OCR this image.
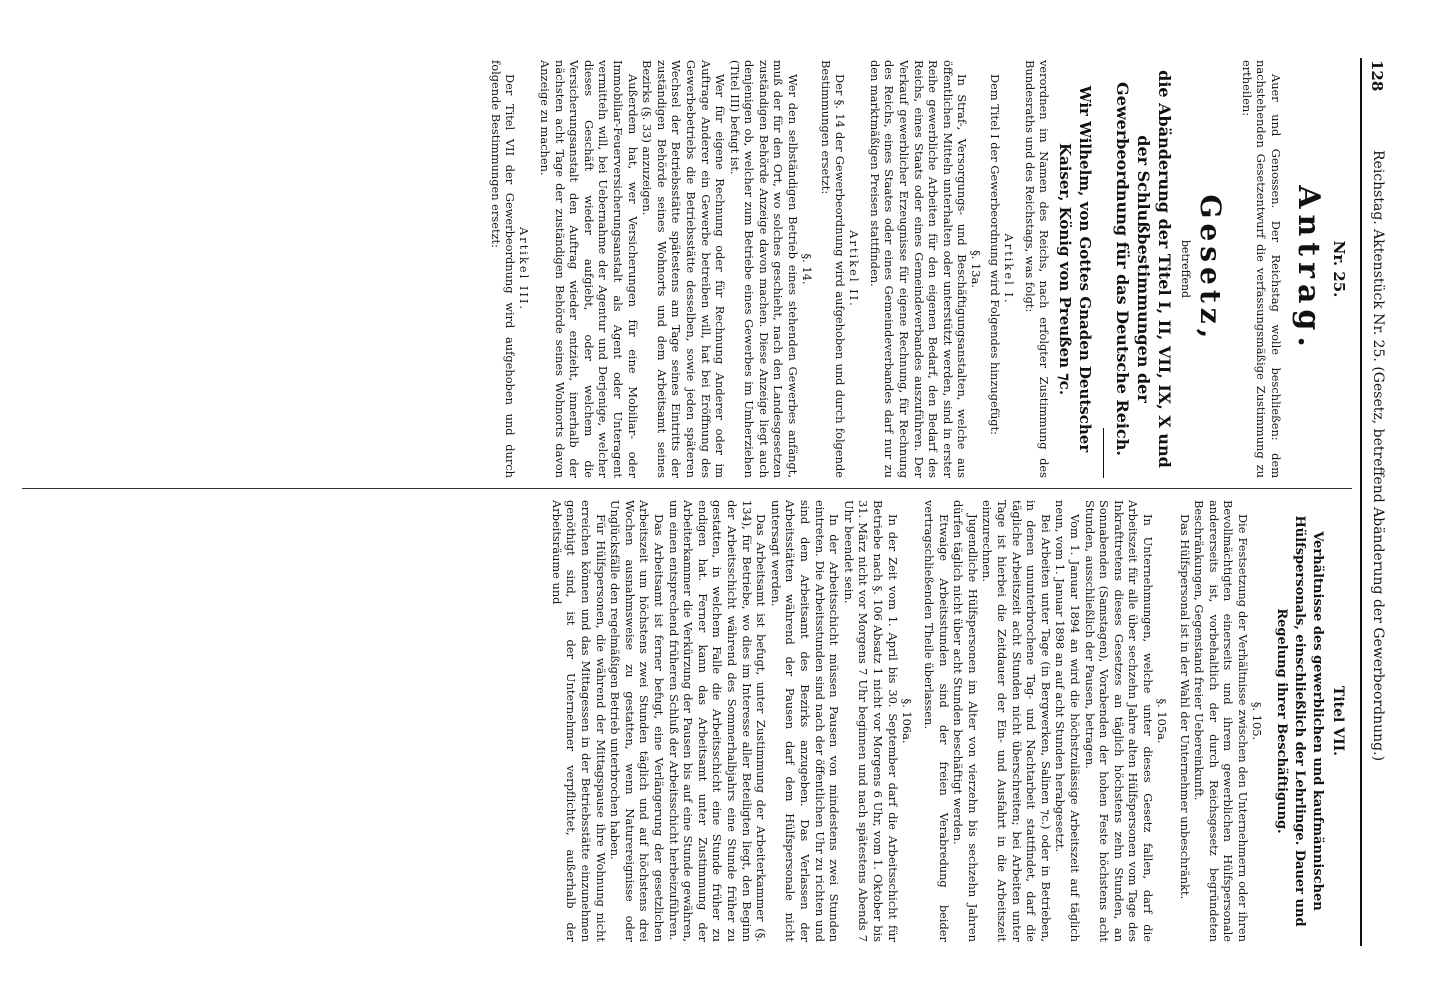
128
Reichstag. Aktenstück Nr. 25. (Gesetz, betreffend Abänderung der Gewerbeordnung.)
Nr. 25.
Antrag.

Auer und Genossen. Der Reichstag wolle beschließen: dem nachstehenden Gesetzentwurf die verfassungsmäßige Zustimmung zu ertheilen:

Gesetz,
betreffend
die Abänderung der Titel I, II, VII, IX, X und der Schlußbestimmungen der Gewerbeordnung für das Deutsche Reich.
Wir Wilhelm, von Gottes Gnaden Deutscher Kaiser, König von Preußen ⁊c.

verordnen im Namen des Reichs, nach erfolgter Zustimmung des Bundesraths und des Reichstags, was folgt:

Artikel I.

Dem Titel I der Gewerbeordnung wird Folgendes hinzugefügt:

§. 13a.

In Straf-, Versorgungs- und Beschäftigungsanstalten, welche aus öffentlichen Mitteln unterhalten oder unterstützt werden, sind in erster Reihe gewerbliche Arbeiten für den eigenen Bedarf, den Bedarf des Reichs, eines Staats oder eines Gemeindeverbandes auszuführen. Der Verkauf gewerblicher Erzeugnisse für eigene Rechnung, für Rechnung des Reichs, eines Staates oder eines Gemeindeverbandes darf nur zu den marktmäßigen Preisen stattfinden.

Artikel II.

Der §. 14 der Gewerbeordnung wird aufgehoben und durch folgende Bestimmungen ersetzt:

§. 14.

Wer den selbständigen Betrieb eines stehenden Gewerbes anfängt, muß der für den Ort, wo solches geschieht, nach den Landesgesetzen zuständigen Behörde Anzeige davon machen. Diese Anzeige liegt auch denjenigen ob, welcher zum Betriebe eines Gewerbes im Umherziehen (Titel III) befugt ist.

Wer für eigene Rechnung oder für Rechnung Anderer oder im Auftrage Anderer ein Gewerbe betreiben will, hat bei Eröffnung des Gewerbebetriebs die Betriebsstätte desselben, sowie jeden späteren Wechsel der Betriebsstätte spätestens am Tage seines Eintritts der zuständigen Behörde seines Wohnorts und dem Arbeitsamt seines Bezirks (§. 33) anzuzeigen.

Außerdem hat, wer Versicherungen für eine Mobiliar- oder Immobiliar-Feuerversicherungsanstalt als Agent oder Unteragent vermitteln will, bei Uebernahme der Agentur und Derjenige, welcher dieses Geschäft wieder aufgiebt, oder welchem die Versicherungsanstalt den Auftrag wieder entzieht, innerhalb der nächsten acht Tage der zuständigen Behörde seines Wohnorts davon Anzeige zu machen.

Artikel III.

Der Titel VII der Gewerbeordnung wird aufgehoben und durch folgende Bestimmungen ersetzt:

Titel VII.
Verhältnisse des gewerblichen und kaufmännischen Hülfspersonals, einschließlich der Lehrlinge. Dauer und Regelung ihrer Beschäftigung.
§. 105.

Die Festsetzung der Verhältnisse zwischen den Unternehmern oder ihren Bevollmächtigten einerseits und ihrem gewerblichen Hülfspersonale andererseits ist, vorbehaltlich der durch Reichsgesetz begründeten Beschränkungen, Gegenstand freier Uebereinkunft.

Das Hülfspersonal ist in der Wahl der Unternehmer unbeschränkt.

§. 105a.

In Unternehmungen, welche unter dieses Gesetz fallen, darf die Arbeitszeit für alle über sechzehn Jahre alten Hülfspersonen vom Tage des Inkrafttretens dieses Gesetzes an täglich höchstens zehn Stunden, an Sonnabenden (Samstagen), Vorabenden der hohen Feste höchstens acht Stunden, ausschließlich der Pausen, betragen.

Vom 1. Januar 1894 an wird die höchstzulässige Arbeitszeit auf täglich neun, vom 1. Januar 1898 an auf acht Stunden herabgesetzt.

Bei Arbeiten unter Tage (in Bergwerken, Salinen ⁊c.) oder in Betrieben, in denen ununterbrochene Tag- und Nachtarbeit stattfindet, darf die tägliche Arbeitszeit acht Stunden nicht überschreiten; bei Arbeiten unter Tage ist hierbei die Zeitdauer der Ein- und Ausfahrt in die Arbeitszeit einzurechnen.

Jugendliche Hülfspersonen im Alter von vierzehn bis sechzehn Jahren dürfen täglich nicht über acht Stunden beschäftigt werden.

Etwaige Arbeitsstunden sind der freien Verabredung beider vertragschließenden Theile überlassen.

§. 106a.

In der Zeit vom 1. April bis 30. September darf die Arbeitsschicht für Betriebe nach §. 106 Absatz 1 nicht vor Morgens 6 Uhr, vom 1. Oktober bis 31. März nicht vor Morgens 7 Uhr beginnen und nach spätestens Abends 7 Uhr beendet sein.

In der Arbeitsschicht müssen Pausen von mindestens zwei Stunden eintreten. Die Arbeitsstunden sind nach der öffentlichen Uhr zu richten und sind dem Arbeitsamt des Bezirks anzugeben. Das Verlassen der Arbeitsstätten während der Pausen darf dem Hülfspersonale nicht untersagt werden.

Das Arbeitsamt ist befugt, unter Zustimmung der Arbeiterkammer (§. 134), für Betriebe, wo dies im Interesse aller Beteiligten liegt, den Beginn der Arbeitsschicht während des Sommerhalbjahrs eine Stunde früher zu gestatten, in welchem Falle die Arbeitsschicht eine Stunde früher zu endigen hat. Ferner kann das Arbeitsamt unter Zustimmung der Arbeiterkammer die Verkürzung der Pausen bis auf eine Stunde gewähren, um einen entsprechend früheren Schluß der Arbeitsschicht herbeizuführen.

Das Arbeitsamt ist ferner befugt, eine Verlängerung der gesetzlichen Arbeitszeit um höchstens zwei Stunden täglich und auf höchstens drei Wochen ausnahmsweise zu gestatten, wenn Naturereignisse oder Unglücksfälle den regelmäßigen Betrieb unterbrochen haben.

Für Hülfspersonen, die während der Mittagspause ihre Wohnung nicht erreichen können und das Mittagessen in der Betriebsstätte einzunehmen genöthigt sind, ist der Unternehmer verpflichtet, außerhalb der Arbeitsräume und
